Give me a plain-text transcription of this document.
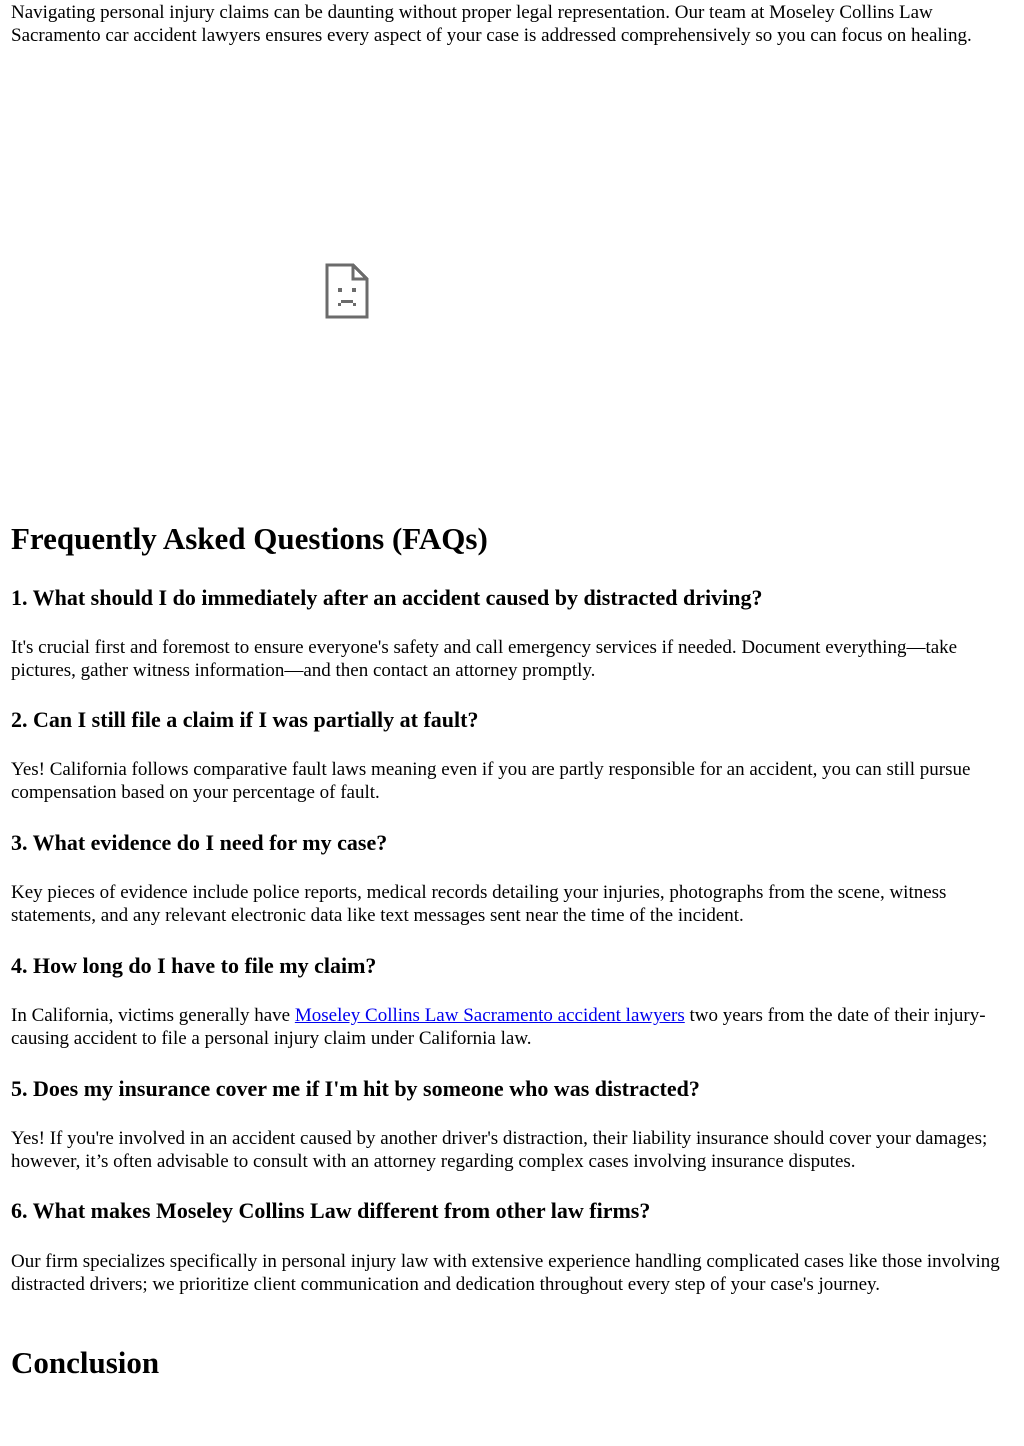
Navigating personal injury claims can be daunting without proper legal representation. Our team at Moseley Collins Law Sacramento car accident lawyers ensures every aspect of your case is addressed comprehensively so you can focus on healing.

Frequently Asked Questions (FAQs)
1. What should I do immediately after an accident caused by distracted driving?

It's crucial first and foremost to ensure everyone's safety and call emergency services if needed. Document everything—take pictures, gather witness information—and then contact an attorney promptly.

2. Can I still file a claim if I was partially at fault?

Yes! California follows comparative fault laws meaning even if you are partly responsible for an accident, you can still pursue compensation based on your percentage of fault.

3. What evidence do I need for my case?

Key pieces of evidence include police reports, medical records detailing your injuries, photographs from the scene, witness statements, and any relevant electronic data like text messages sent near the time of the incident.

4. How long do I have to file my claim?

In California, victims generally have Moseley Collins Law Sacramento accident lawyers two years from the date of their injury-causing accident to file a personal injury claim under California law.

5. Does my insurance cover me if I'm hit by someone who was distracted?

Yes! If you're involved in an accident caused by another driver's distraction, their liability insurance should cover your damages; however, it’s often advisable to consult with an attorney regarding complex cases involving insurance disputes.

6. What makes Moseley Collins Law different from other law firms?

Our firm specializes specifically in personal injury law with extensive experience handling complicated cases like those involving distracted drivers; we prioritize client communication and dedication throughout every step of your case's journey.

Conclusion
